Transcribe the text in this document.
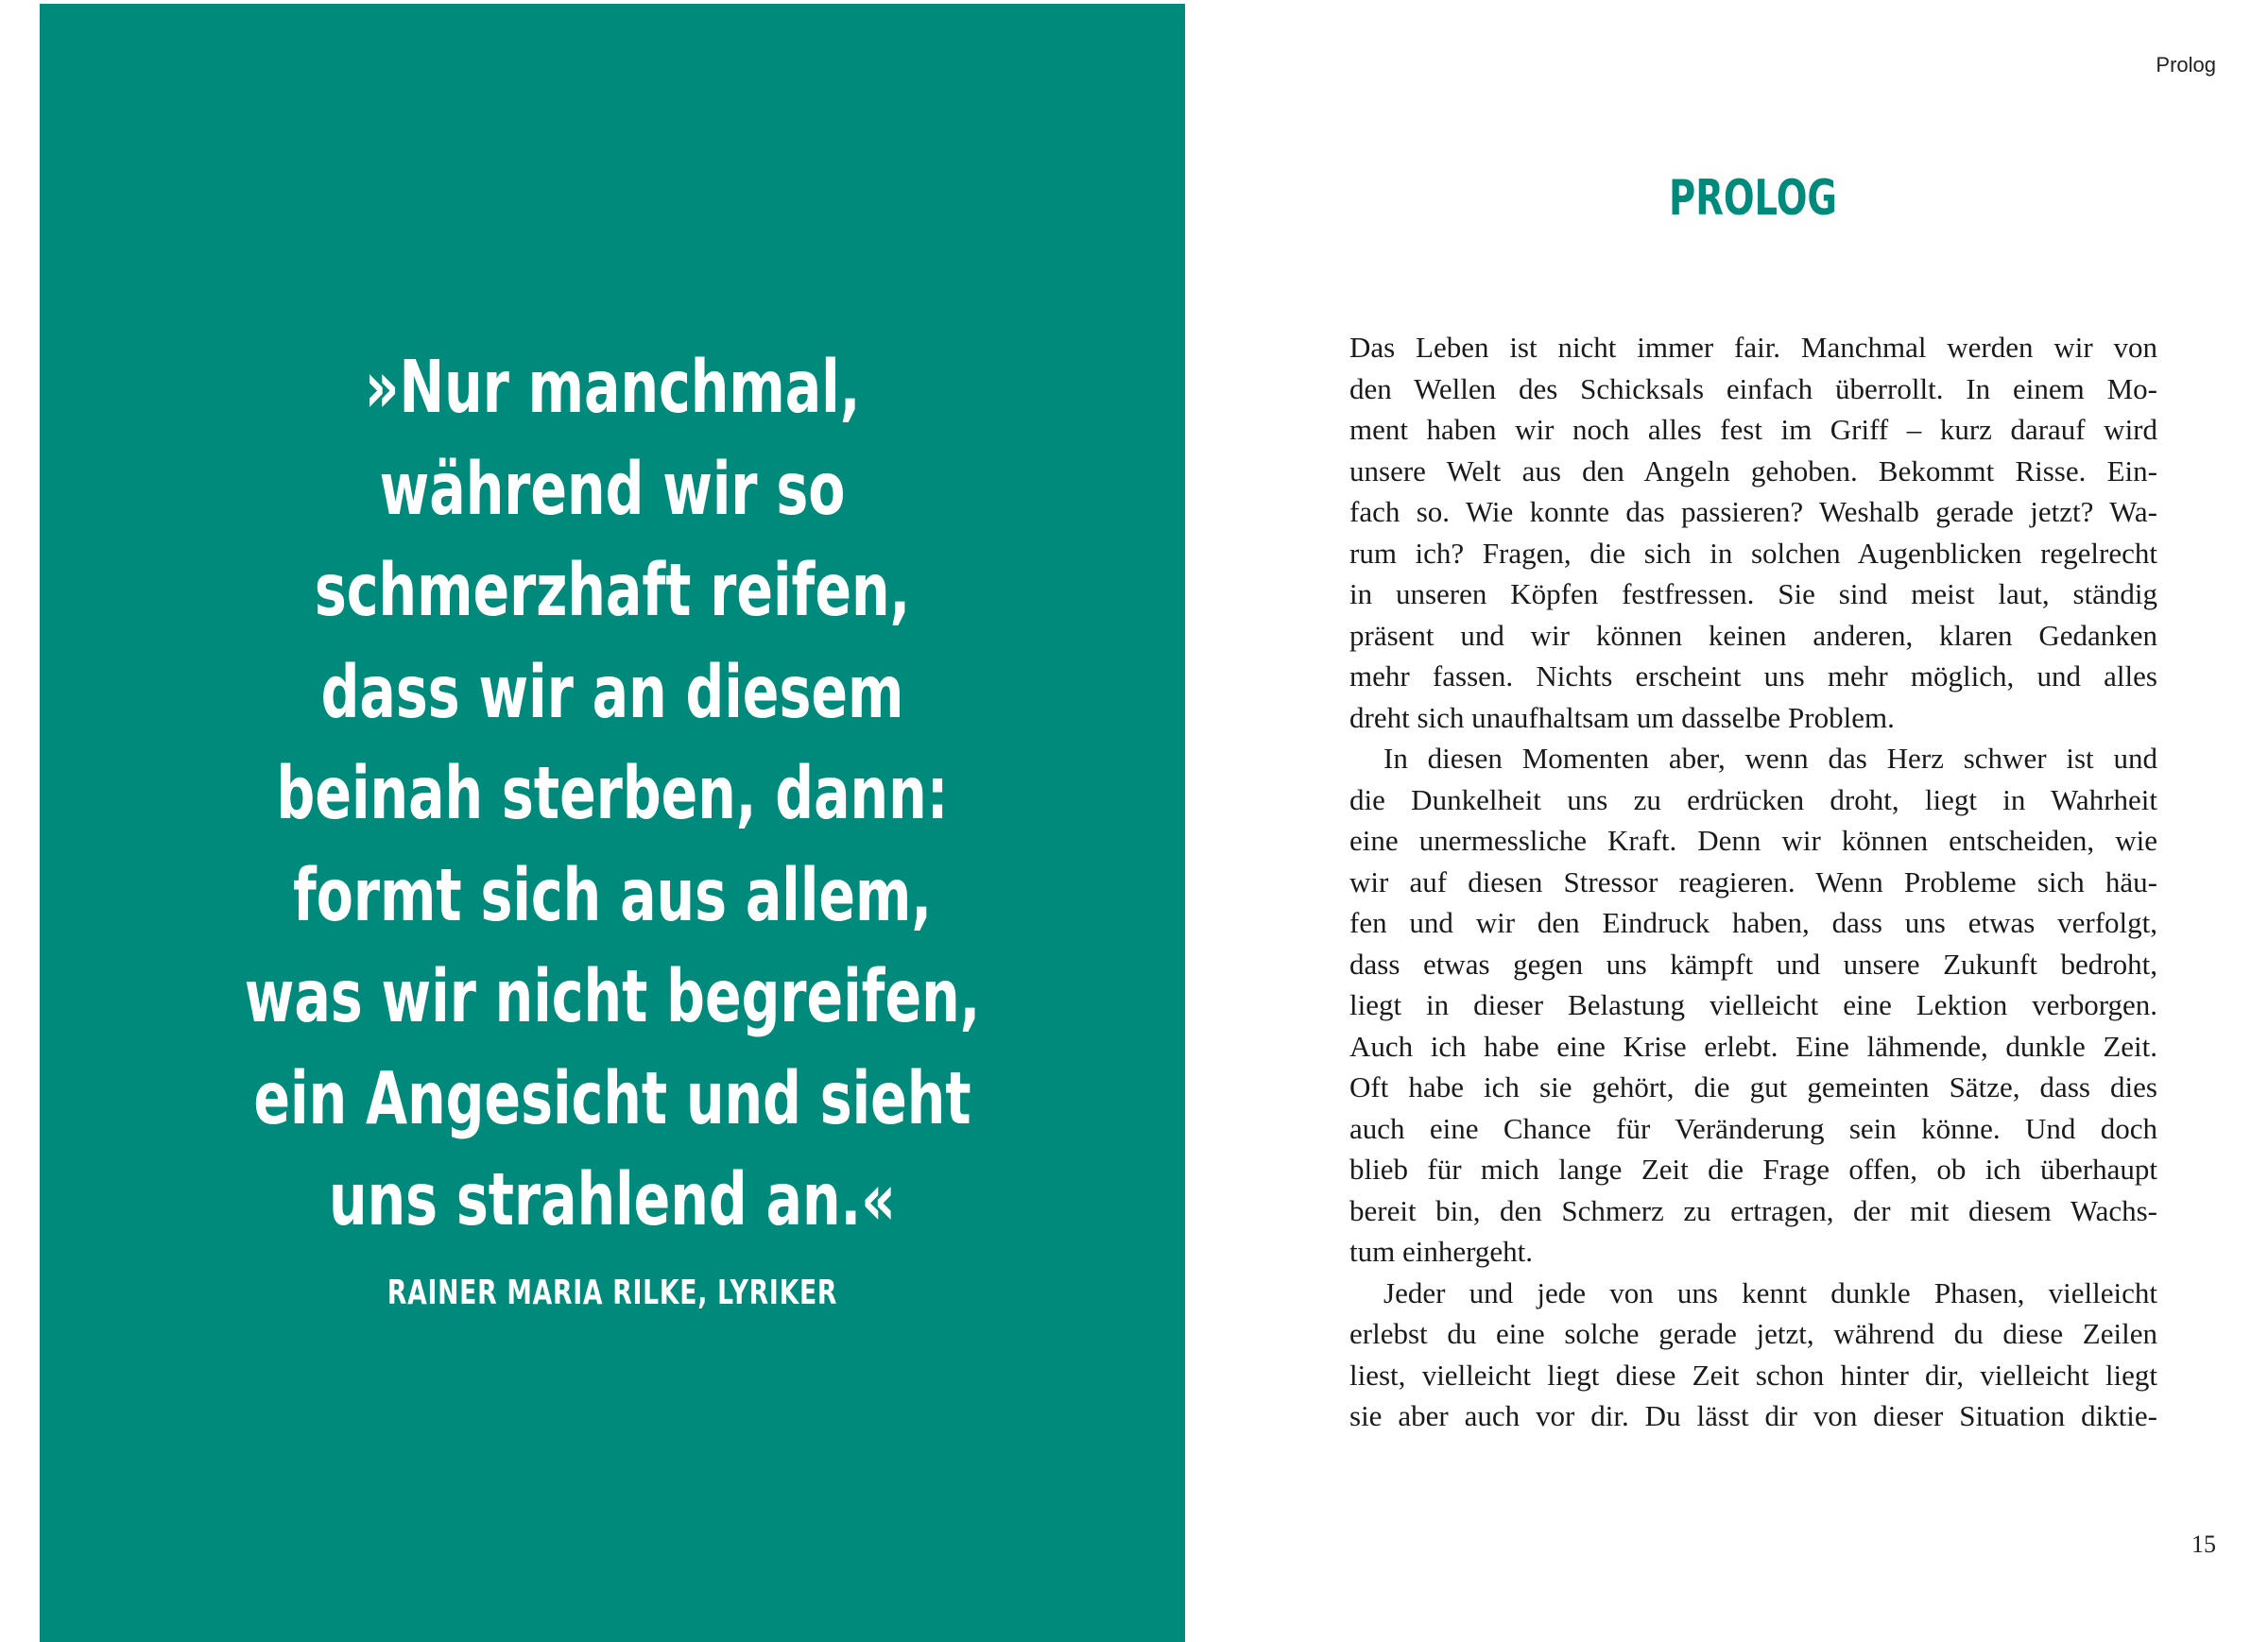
»Nur manchmal,
während wir so
schmerzhaft reifen,
dass wir an diesem
beinah sterben, dann:
formt sich aus allem,
was wir nicht begreifen,
ein Angesicht und sieht
uns strahlend an.«

RAINER MARIA RILKE, LYRIKER

Prolog

PROLOG

Das Leben ist nicht immer fair. Manchmal werden wir von
den Wellen des Schicksals einfach überrollt. In einem Mo-
ment haben wir noch alles fest im Griff – kurz darauf wird
unsere Welt aus den Angeln gehoben. Bekommt Risse. Ein-
fach so. Wie konnte das passieren? Weshalb gerade jetzt? Wa-
rum ich? Fragen, die sich in solchen Augenblicken regelrecht
in unseren Köpfen festfressen. Sie sind meist laut, ständig
präsent und wir können keinen anderen, klaren Gedanken
mehr fassen. Nichts erscheint uns mehr möglich, und alles
dreht sich unaufhaltsam um dasselbe Problem.

In diesen Momenten aber, wenn das Herz schwer ist und
die Dunkelheit uns zu erdrücken droht, liegt in Wahrheit
eine unermessliche Kraft. Denn wir können entscheiden, wie
wir auf diesen Stressor reagieren. Wenn Probleme sich häu-
fen und wir den Eindruck haben, dass uns etwas verfolgt,
dass etwas gegen uns kämpft und unsere Zukunft bedroht,
liegt in dieser Belastung vielleicht eine Lektion verborgen.
Auch ich habe eine Krise erlebt. Eine lähmende, dunkle Zeit.
Oft habe ich sie gehört, die gut gemeinten Sätze, dass dies
auch eine Chance für Veränderung sein könne. Und doch
blieb für mich lange Zeit die Frage offen, ob ich überhaupt
bereit bin, den Schmerz zu ertragen, der mit diesem Wachs-
tum einhergeht.

Jeder und jede von uns kennt dunkle Phasen, vielleicht
erlebst du eine solche gerade jetzt, während du diese Zeilen
liest, vielleicht liegt diese Zeit schon hinter dir, vielleicht liegt
sie aber auch vor dir. Du lässt dir von dieser Situation diktie-

15
